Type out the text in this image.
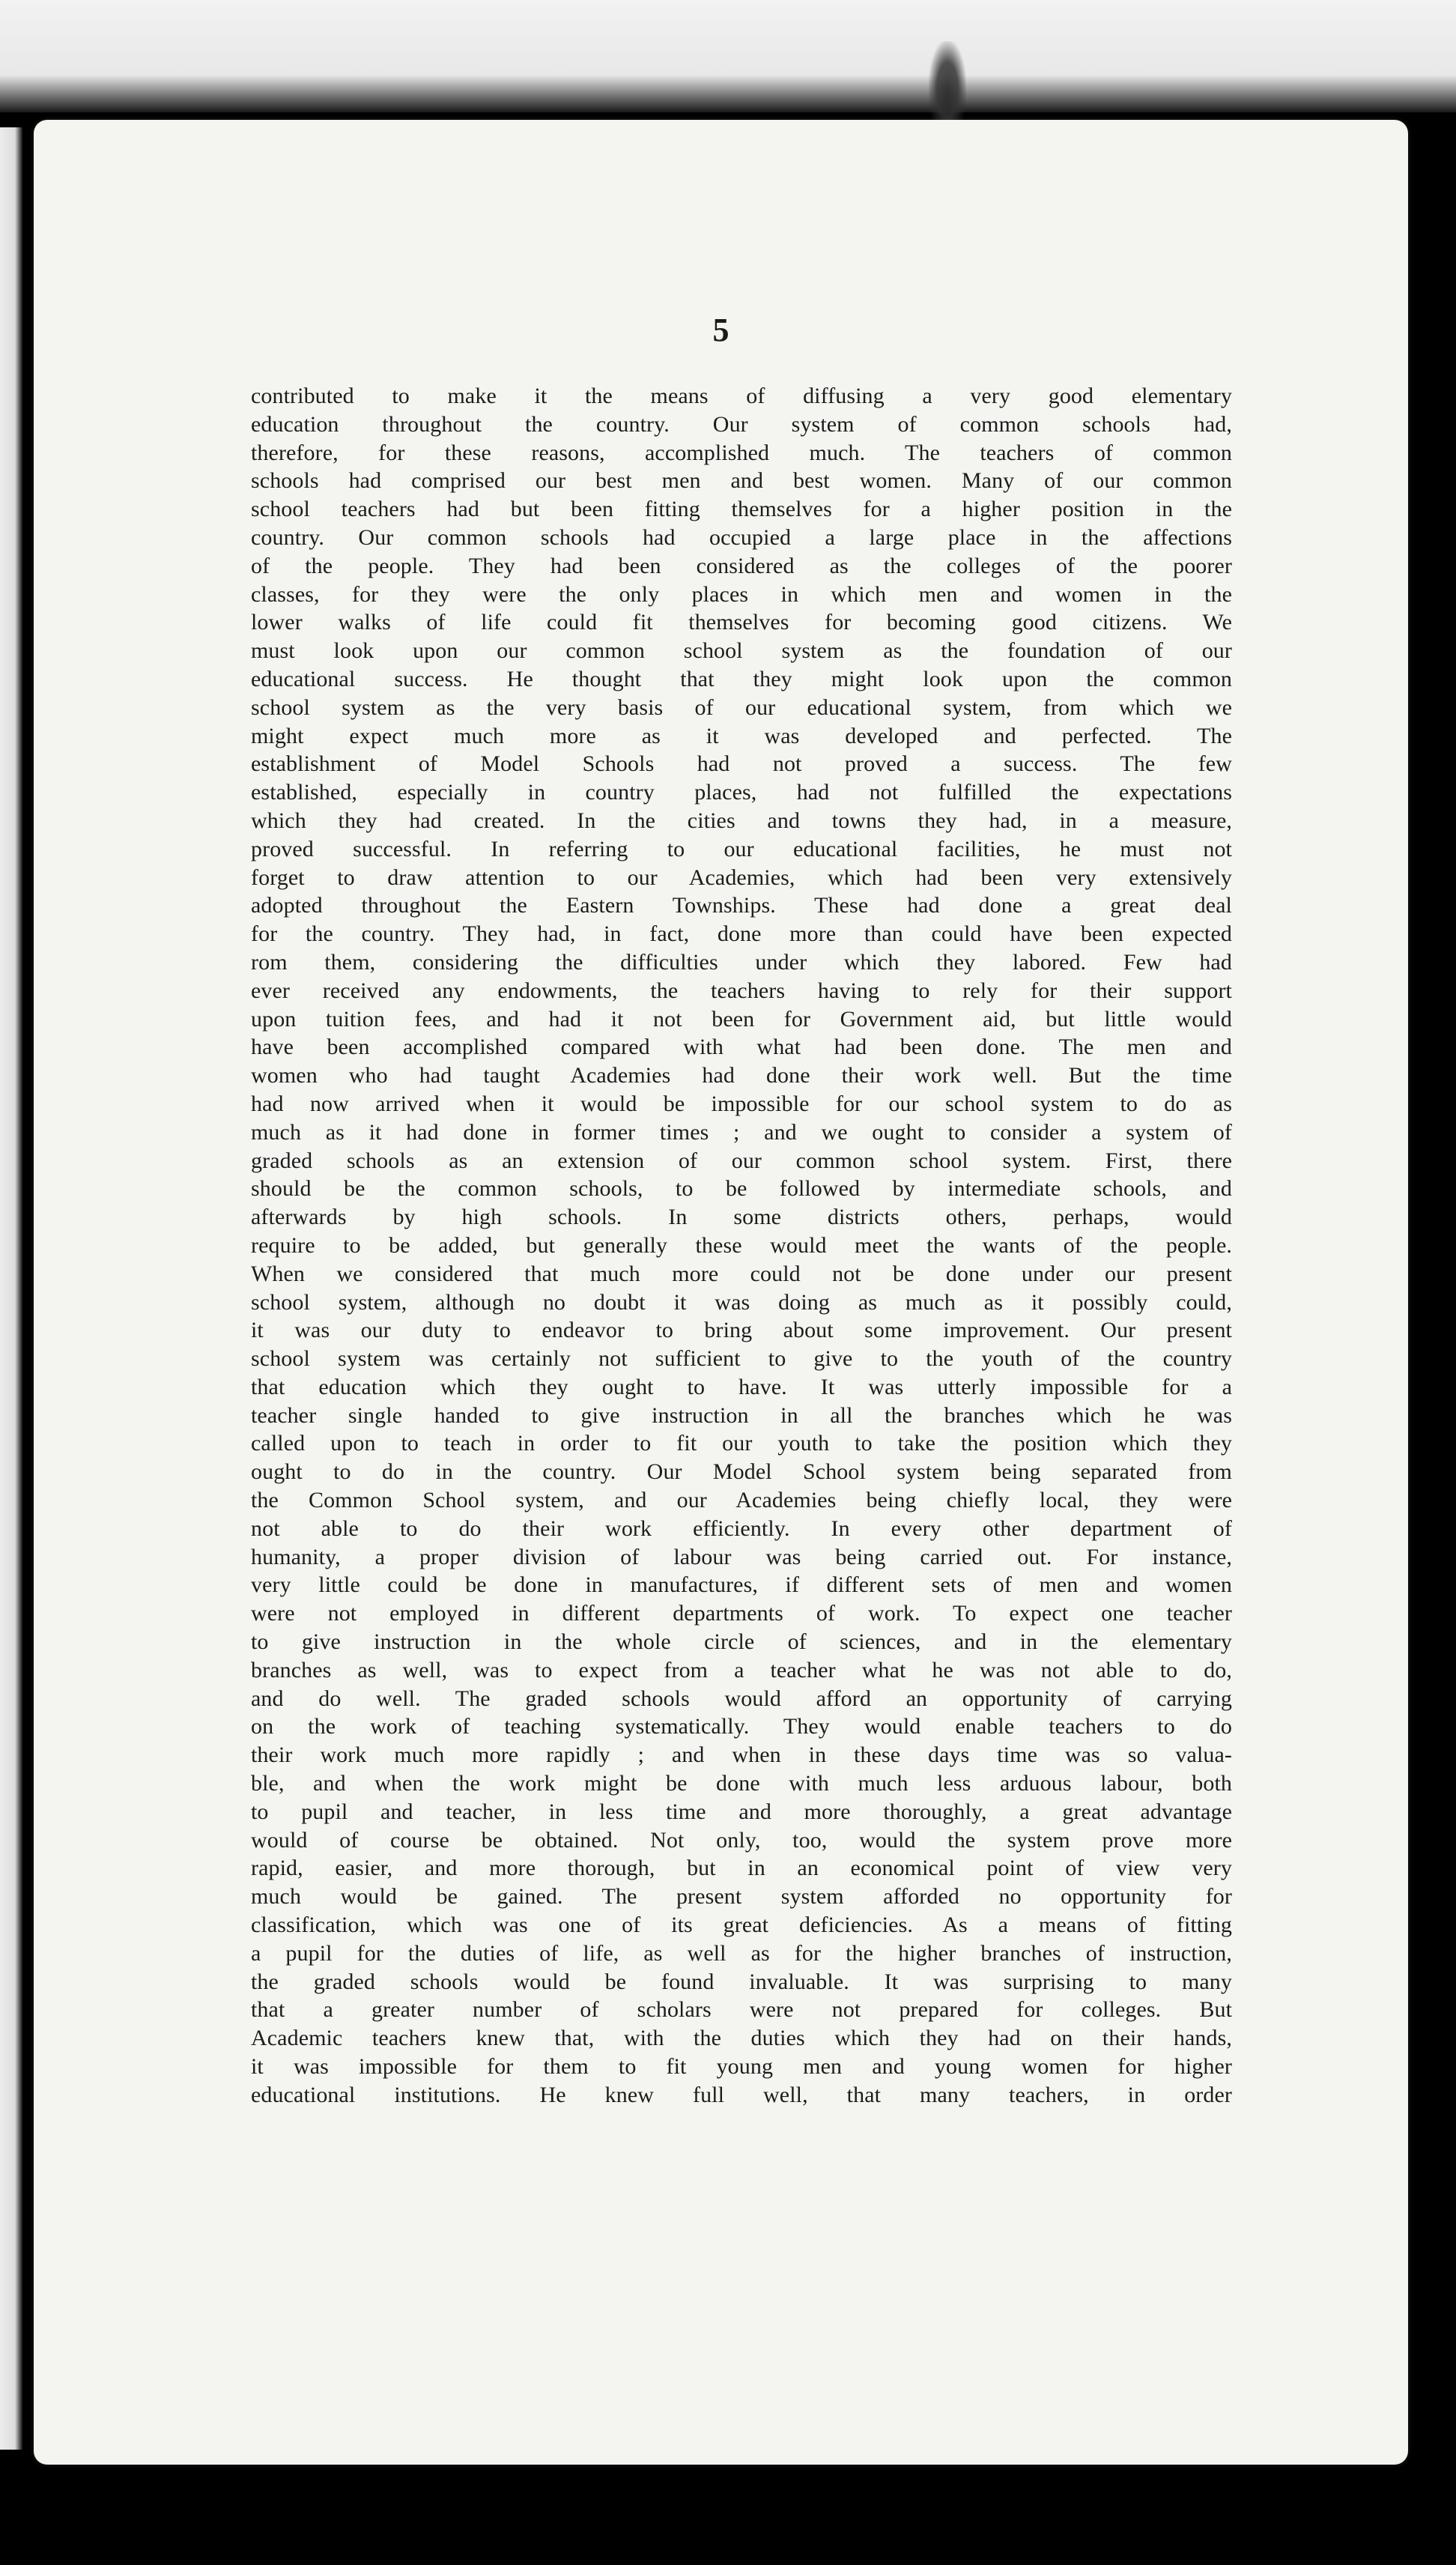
5

contributed to make it the means of diffusing a very good elementary
education throughout the country. Our system of common schools had,
therefore, for these reasons, accomplished much. The teachers of common
schools had comprised our best men and best women. Many of our common
school teachers had but been fitting themselves for a higher position in the
country. Our common schools had occupied a large place in the affections
of the people. They had been considered as the colleges of the poorer
classes, for they were the only places in which men and women in the
lower walks of life could fit themselves for becoming good citizens. We
must look upon our common school system as the foundation of our
educational success. He thought that they might look upon the common
school system as the very basis of our educational system, from which we
might expect much more as it was developed and perfected. The
establishment of Model Schools had not proved a success. The few
established, especially in country places, had not fulfilled the expectations
which they had created. In the cities and towns they had, in a measure,
proved successful. In referring to our educational facilities, he must not
forget to draw attention to our Academies, which had been very extensively
adopted throughout the Eastern Townships. These had done a great deal
for the country. They had, in fact, done more than could have been expected
rom them, considering the difficulties under which they labored. Few had
ever received any endowments, the teachers having to rely for their support
upon tuition fees, and had it not been for Government aid, but little would
have been accomplished compared with what had been done. The men and
women who had taught Academies had done their work well. But the time
had now arrived when it would be impossible for our school system to do as
much as it had done in former times ; and we ought to consider a system of
graded schools as an extension of our common school system. First, there
should be the common schools, to be followed by intermediate schools, and
afterwards by high schools. In some districts others, perhaps, would
require to be added, but generally these would meet the wants of the people.
When we considered that much more could not be done under our present
school system, although no doubt it was doing as much as it possibly could,
it was our duty to endeavor to bring about some improvement. Our present
school system was certainly not sufficient to give to the youth of the country
that education which they ought to have. It was utterly impossible for a
teacher single handed to give instruction in all the branches which he was
called upon to teach in order to fit our youth to take the position which they
ought to do in the country. Our Model School system being separated from
the Common School system, and our Academies being chiefly local, they were
not able to do their work efficiently. In every other department of
humanity, a proper division of labour was being carried out. For instance,
very little could be done in manufactures, if different sets of men and women
were not employed in different departments of work. To expect one teacher
to give instruction in the whole circle of sciences, and in the elementary
branches as well, was to expect from a teacher what he was not able to do,
and do well. The graded schools would afford an opportunity of carrying
on the work of teaching systematically. They would enable teachers to do
their work much more rapidly ; and when in these days time was so valua-
ble, and when the work might be done with much less arduous labour, both
to pupil and teacher, in less time and more thoroughly, a great advantage
would of course be obtained. Not only, too, would the system prove more
rapid, easier, and more thorough, but in an economical point of view very
much would be gained. The present system afforded no opportunity for
classification, which was one of its great deficiencies. As a means of fitting
a pupil for the duties of life, as well as for the higher branches of instruction,
the graded schools would be found invaluable. It was surprising to many
that a greater number of scholars were not prepared for colleges. But
Academic teachers knew that, with the duties which they had on their hands,
it was impossible for them to fit young men and young women for higher
educational institutions. He knew full well, that many teachers, in order
